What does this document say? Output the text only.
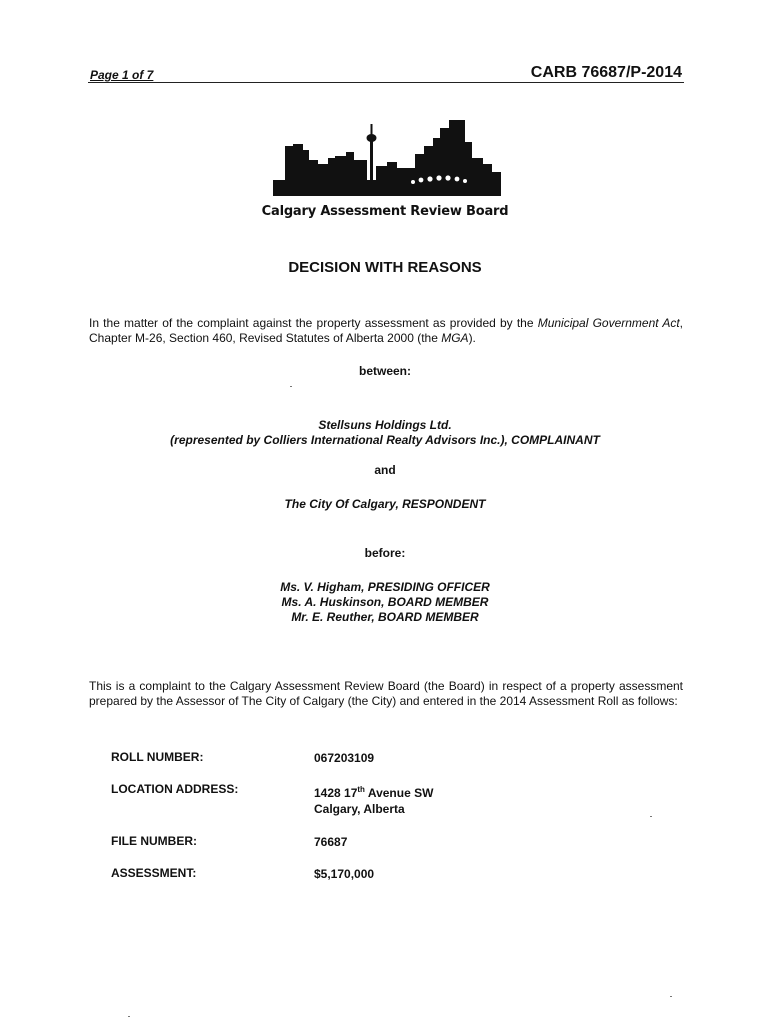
Page 1 of 7	CARB 76687/P-2014
Calgary Assessment Review Board
DECISION WITH REASONS
In the matter of the complaint against the property assessment as provided by the Municipal Government Act, Chapter M-26, Section 460, Revised Statutes of Alberta 2000 (the MGA).
between:
Stellsuns Holdings Ltd.
(represented by Colliers International Realty Advisors Inc.), COMPLAINANT
and
The City Of Calgary, RESPONDENT
before:
Ms. V. Higham, PRESIDING OFFICER
Ms. A. Huskinson, BOARD MEMBER
Mr. E. Reuther, BOARD MEMBER
This is a complaint to the Calgary Assessment Review Board (the Board) in respect of a property assessment prepared by the Assessor of The City of Calgary (the City) and entered in the 2014 Assessment Roll as follows:
ROLL NUMBER:	067203109
LOCATION ADDRESS:	1428 17th Avenue SW
Calgary, Alberta
FILE NUMBER:	76687
ASSESSMENT:	$5,170,000
